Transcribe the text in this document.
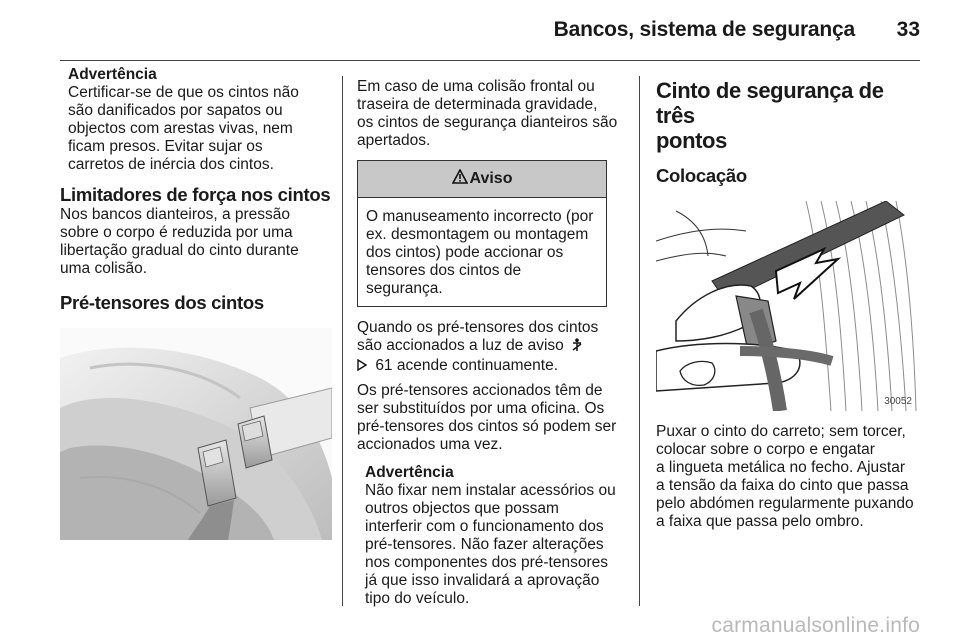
Bancos, sistema de segurança 33

Advertência

Certificar-se de que os cintos não

são danificados por sapatos ou

objectos com arestas vivas, nem

ficam presos. Evitar sujar os

carretos de inércia dos cintos.

Limitadores de força nos cintos

Nos bancos dianteiros, a pressão

sobre o corpo é reduzida por uma

libertação gradual do cinto durante

uma colisão.

Pré-tensores dos cintos

Em caso de uma colisão frontal ou

traseira de determinada gravidade,

os cintos de segurança dianteiros são

apertados.

Aviso

O manuseamento incorrecto (por

ex. desmontagem ou montagem

dos cintos) pode accionar os

tensores dos cintos de segurança.

Quando os pré-tensores dos cintos

são accionados a luz de aviso

61 acende continuamente.

Os pré-tensores accionados têm de

ser substituídos por uma oficina. Os

pré-tensores dos cintos só podem ser

accionados uma vez.

Advertência

Não fixar nem instalar acessórios ou

outros objectos que possam

interferir com o funcionamento dos

pré-tensores. Não fazer alterações

nos componentes dos pré-tensores

já que isso invalidará a aprovação

tipo do veículo.

Cinto de segurança de três

pontos

Colocação

30052

Puxar o cinto do carreto; sem torcer,

colocar sobre o corpo e engatar

a lingueta metálica no fecho. Ajustar

a tensão da faixa do cinto que passa

pelo abdómen regularmente puxando

a faixa que passa pelo ombro.

carmanualsonline.info
